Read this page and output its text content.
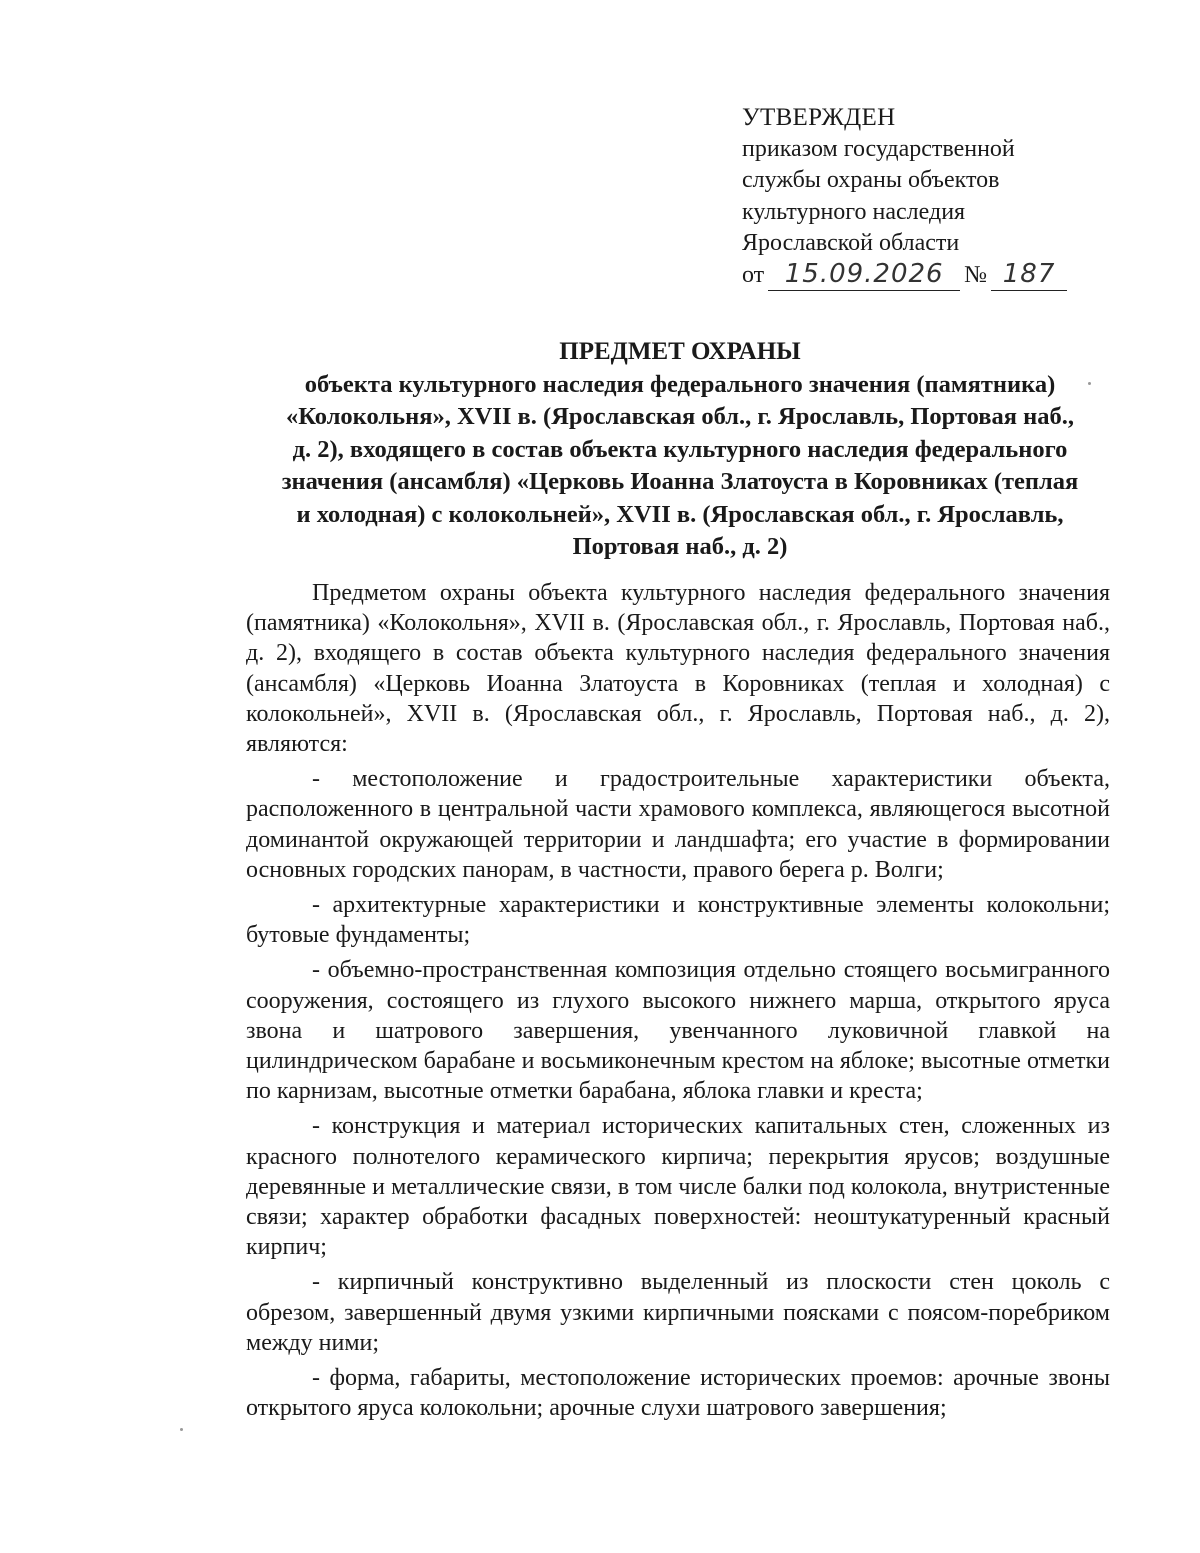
УТВЕРЖДЕН
приказом государственной
службы охраны объектов
культурного наследия
Ярославской области
от 15.09.2026 № 187
ПРЕДМЕТ ОХРАНЫ
объекта культурного наследия федерального значения (памятника)
«Колокольня», XVII в. (Ярославская обл., г. Ярославль, Портовая наб.,
д. 2), входящего в состав объекта культурного наследия федерального
значения (ансамбля) «Церковь Иоанна Златоуста в Коровниках (теплая
и холодная) с колокольней», XVII в. (Ярославская обл., г. Ярославль,
Портовая наб., д. 2)

Предметом охраны объекта культурного наследия федерального значения (памятника) «Колокольня», XVII в. (Ярославская обл., г. Ярославль, Портовая наб., д. 2), входящего в состав объекта культурного наследия федерального значения (ансамбля) «Церковь Иоанна Златоуста в Коровниках (теплая и холодная) с колокольней», XVII в. (Ярославская обл., г. Ярославль, Портовая наб., д. 2), являются:

- местоположение и градостроительные характеристики объекта, расположенного в центральной части храмового комплекса, являющегося высотной доминантой окружающей территории и ландшафта; его участие в формировании основных городских панорам, в частности, правого берега р. Волги;

- архитектурные характеристики и конструктивные элементы колокольни; бутовые фундаменты;

- объемно-пространственная композиция отдельно стоящего восьмигранного сооружения, состоящего из глухого высокого нижнего марша, открытого яруса звона и шатрового завершения, увенчанного луковичной главкой на цилиндрическом барабане и восьмиконечным крестом на яблоке; высотные отметки по карнизам, высотные отметки барабана, яблока главки и креста;

- конструкция и материал исторических капитальных стен, сложенных из красного полнотелого керамического кирпича; перекрытия ярусов; воздушные деревянные и металлические связи, в том числе балки под колокола, внутристенные связи; характер обработки фасадных поверхностей: неоштукатуренный красный кирпич;

- кирпичный конструктивно выделенный из плоскости стен цоколь с обрезом, завершенный двумя узкими кирпичными поясками с поясом-поребриком между ними;

- форма, габариты, местоположение исторических проемов: арочные звоны открытого яруса колокольни; арочные слухи шатрового завершения;
